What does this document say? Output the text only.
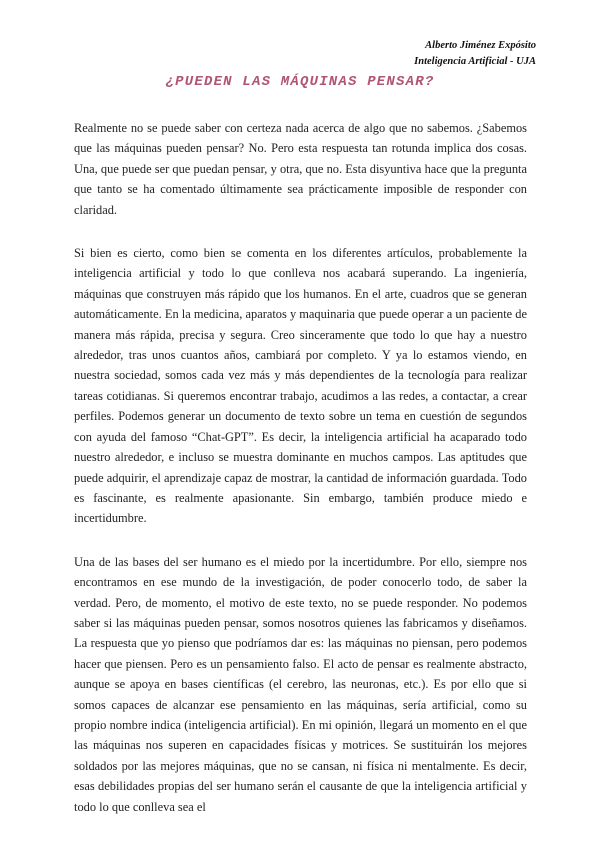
Alberto Jiménez Expósito
Inteligencia Artificial - UJA
¿PUEDEN LAS MÁQUINAS PENSAR?

Realmente no se puede saber con certeza nada acerca de algo que no sabemos. ¿Sabemos que las máquinas pueden pensar? No. Pero esta respuesta tan rotunda implica dos cosas. Una, que puede ser que puedan pensar, y otra, que no. Esta disyuntiva hace que la pregunta que tanto se ha comentado últimamente sea prácticamente imposible de responder con claridad.

Si bien es cierto, como bien se comenta en los diferentes artículos, probablemente la inteligencia artificial y todo lo que conlleva nos acabará superando. La ingeniería, máquinas que construyen más rápido que los humanos. En el arte, cuadros que se generan automáticamente. En la medicina, aparatos y maquinaria que puede operar a un paciente de manera más rápida, precisa y segura. Creo sinceramente que todo lo que hay a nuestro alrededor, tras unos cuantos años, cambiará por completo. Y ya lo estamos viendo, en nuestra sociedad, somos cada vez más y más dependientes de la tecnología para realizar tareas cotidianas. Si queremos encontrar trabajo, acudimos a las redes, a contactar, a crear perfiles. Podemos generar un documento de texto sobre un tema en cuestión de segundos con ayuda del famoso “Chat-GPT”. Es decir, la inteligencia artificial ha acaparado todo nuestro alrededor, e incluso se muestra dominante en muchos campos. Las aptitudes que puede adquirir, el aprendizaje capaz de mostrar, la cantidad de información guardada. Todo es fascinante, es realmente apasionante. Sin embargo, también produce miedo e incertidumbre.

Una de las bases del ser humano es el miedo por la incertidumbre. Por ello, siempre nos encontramos en ese mundo de la investigación, de poder conocerlo todo, de saber la verdad. Pero, de momento, el motivo de este texto, no se puede responder. No podemos saber si las máquinas pueden pensar, somos nosotros quienes las fabricamos y diseñamos. La respuesta que yo pienso que podríamos dar es: las máquinas no piensan, pero podemos hacer que piensen. Pero es un pensamiento falso. El acto de pensar es realmente abstracto, aunque se apoya en bases científicas (el cerebro, las neuronas, etc.). Es por ello que si somos capaces de alcanzar ese pensamiento en las máquinas, sería artificial, como su propio nombre indica (inteligencia artificial). En mi opinión, llegará un momento en el que las máquinas nos superen en capacidades físicas y motrices. Se sustituirán los mejores soldados por las mejores máquinas, que no se cansan, ni física ni mentalmente. Es decir, esas debilidades propias del ser humano serán el causante de que la inteligencia artificial y todo lo que conlleva sea el
